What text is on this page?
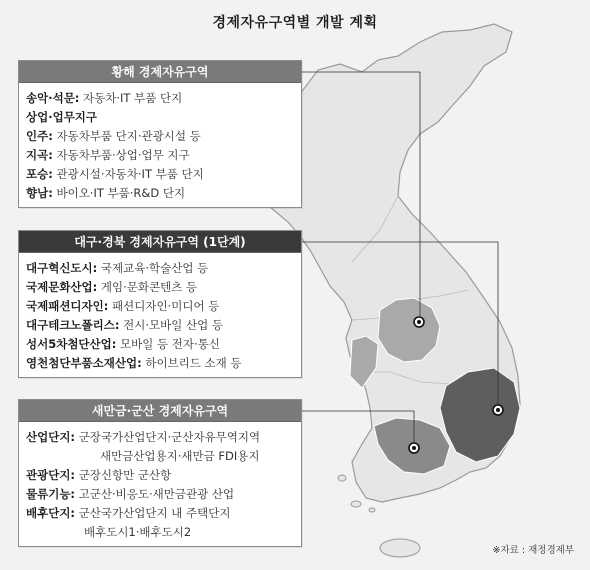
경제자유구역별 개발 계획
황해 경제자유구역
송악·석문: 자동차·IT 부품 단지
상업·업무지구
인주: 자동차부품 단지·관광시설 등
지곡: 자동차부품·상업·업무 지구
포승: 관광시설·자동차·IT 부품 단지
향남: 바이오·IT 부품·R&D 단지
대구·경북 경제자유구역 (1단계)
대구혁신도시: 국제교육·학술산업 등
국제문화산업: 게임·문화콘텐츠 등
국제패션디자인: 패션디자인·미디어 등
대구테크노폴리스: 전시·모바일 산업 등
성서5차첨단산업: 모바일 등 전자·통신
영천첨단부품소재산업: 하이브리드 소재 등
새만금·군산 경제자유구역
산업단지: 군장국가산업단지·군산자유무역지역
새만금산업용지·새만금 FDI용지
관광단지: 군장신항만 군산항
물류기능: 고군산·비응도·새만금관광 산업
배후단지: 군산국가산업단지 내 주택단지
배후도시1·배후도시2
※자료 : 재정경제부
